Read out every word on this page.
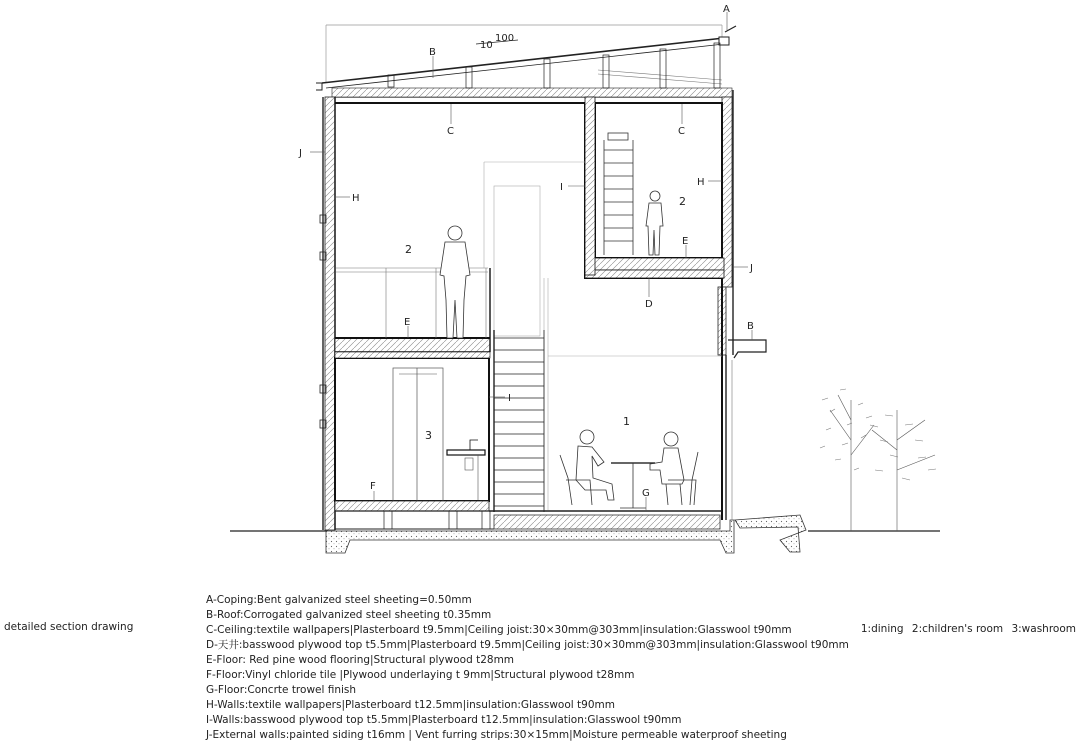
100
10
A
B
B
C	C
D
E
E
F
G
H
H
I
I
J
J
2
2
3
1
detailed section drawing
A-Coping:Bent galvanized steel sheeting=0.50mm
B-Roof:Corrogated galvanized steel sheeting t0.35mm
C-Ceiling:textile wallpapers|Plasterboard t9.5mm|Ceiling joist:30×30mm@303mm|insulation:Glasswool t90mm
D-天井:basswood plywood top t5.5mm|Plasterboard t9.5mm|Ceiling joist:30×30mm@303mm|insulation:Glasswool t90mm
E-Floor: Red pine wood flooring|Structural plywood t28mm
F-Floor:Vinyl chloride tile |Plywood underlaying t 9mm|Structural plywood t28mm
G-Floor:Concrte trowel finish
H-Walls:textile wallpapers|Plasterboard t12.5mm|insulation:Glasswool t90mm
I-Walls:basswood plywood top t5.5mm|Plasterboard t12.5mm|insulation:Glasswool t90mm
J-External walls:painted siding t16mm | Vent furring strips:30×15mm|Moisture permeable waterproof sheeting
1:dining 2:children's room 3:washroom
